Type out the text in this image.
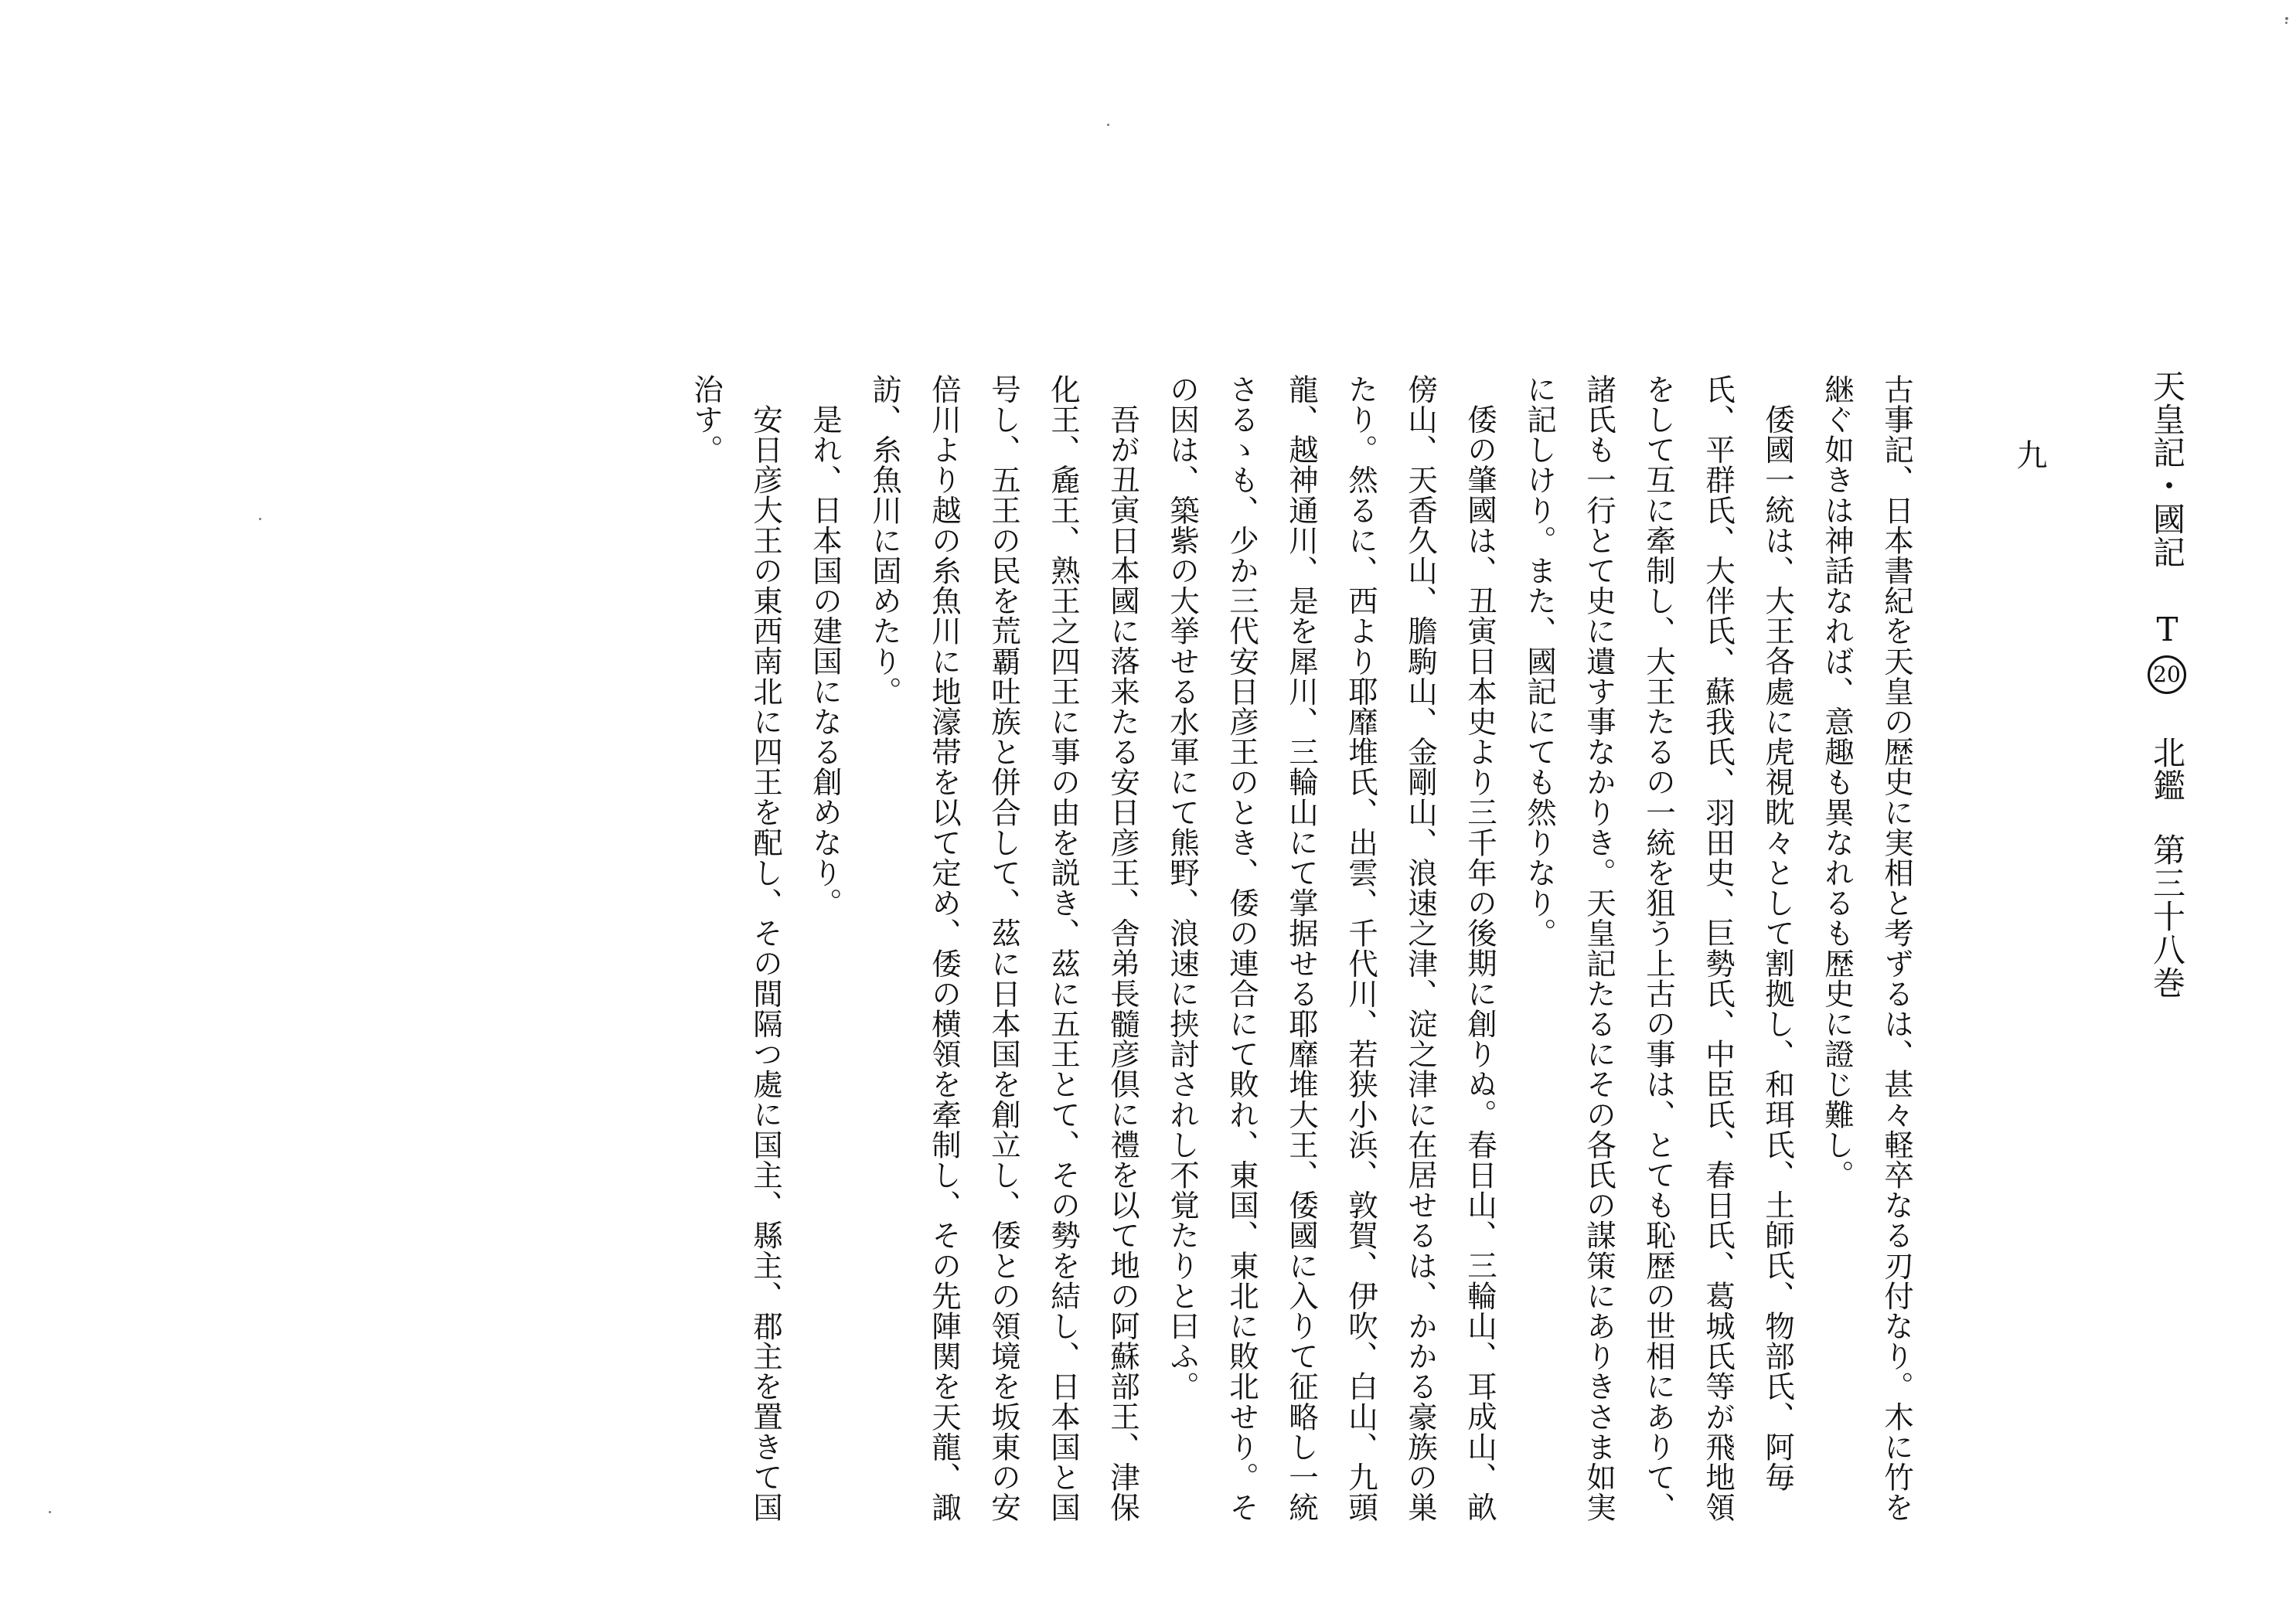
天皇記・國記T20北鑑第三十八巻
九

古事記、日本書紀を天皇の歴史に実相と考ずるは、甚々軽卒なる刃付なり。木に竹を継ぐ如きは神話なれば、意趣も異なれるも歴史に證じ難し。

倭國一統は、大王各處に虎視眈々として割拠し、和珥氏、土師氏、物部氏、阿毎氏、平群氏、大伴氏、蘇我氏、羽田史、巨勢氏、中臣氏、春日氏、葛城氏等が飛地領をして互に牽制し、大王たるの一統を狙う上古の事は、とても恥歴の世相にありて、諸氏も一行とて史に遺す事なかりき。天皇記たるにその各氏の謀策にありきさま如実に記しけり。また、國記にても然りなり。

倭の肇國は、丑寅日本史より三千年の後期に創りぬ。春日山、三輪山、耳成山、畝傍山、天香久山、膽駒山、金剛山、浪速之津、淀之津に在居せるは、かかる豪族の巣たり。然るに、西より耶靡堆氏、出雲、千代川、若狭小浜、敦賀、伊吹、白山、九頭龍、越神通川、是を犀川、三輪山にて掌据せる耶靡堆大王、倭國に入りて征略し一統さるゝも、少か三代安日彦王のとき、倭の連合にて敗れ、東国、東北に敗北せり。その因は、築紫の大挙せる水軍にて熊野、浪速に挟討されし不覚たりと曰ふ。

吾が丑寅日本國に落来たる安日彦王、舎弟長髓彦倶に禮を以て地の阿蘇部王、津保化王、麁王、熟王之四王に事の由を説き、茲に五王とて、その勢を結し、日本国と国号し、五王の民を荒覇吐族と併合して、茲に日本国を創立し、倭との領境を坂東の安倍川より越の糸魚川に地濠帯を以て定め、倭の横領を牽制し、その先陣関を天龍、諏訪、糸魚川に固めたり。

是れ、日本国の建国になる創めなり。

安日彦大王の東西南北に四王を配し、その間隔つ處に国主、縣主、郡主を置きて国治す。
